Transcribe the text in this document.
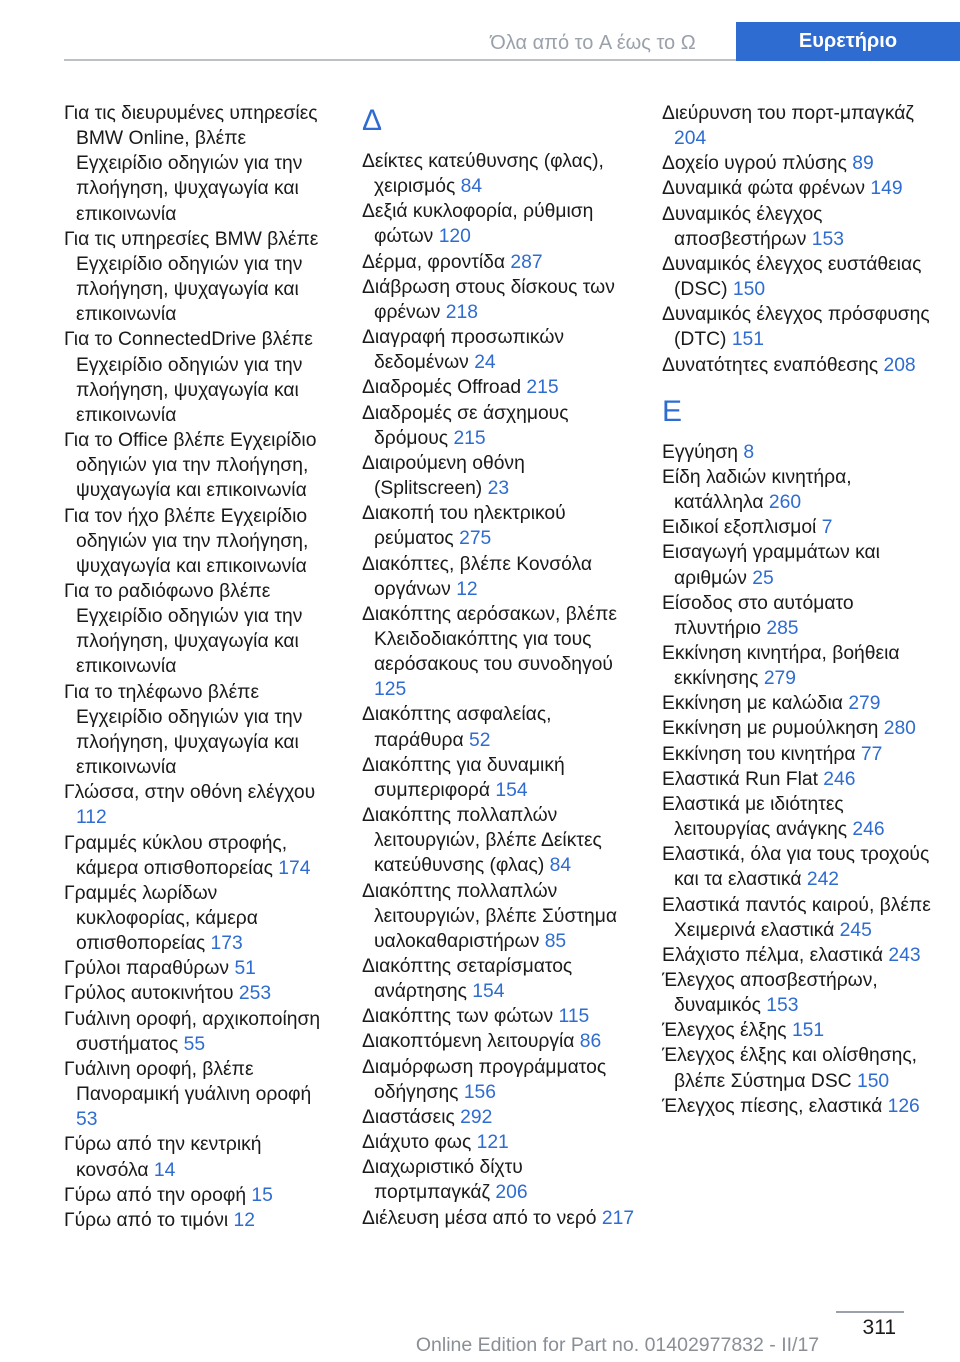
Όλα από το A έως το Ω	Ευρετήριο
Για τις διευρυμένες υπηρεσίες BMW Online, βλέπε Εγχειρίδιο οδηγιών για την πλοήγηση, ψυχαγωγία και επικοινωνία
Για τις υπηρεσίες BMW βλέπε Εγχειρίδιο οδηγιών για την πλοήγηση, ψυχαγωγία και επικοινωνία
Για το ConnectedDrive βλέπε Εγχειρίδιο οδηγιών για την πλοήγηση, ψυχαγωγία και επικοινωνία
Για το Office βλέπε Εγχειρίδιο οδηγιών για την πλοήγηση, ψυχαγωγία και επικοινωνία
Για τον ήχο βλέπε Εγχειρίδιο οδηγιών για την πλοήγηση, ψυχαγωγία και επικοινωνία
Για το ραδιόφωνο βλέπε Εγχειρίδιο οδηγιών για την πλοήγηση, ψυχαγωγία και επικοινωνία
Για το τηλέφωνο βλέπε Εγχειρίδιο οδηγιών για την πλοήγηση, ψυχαγωγία και επικοινωνία
Γλώσσα, στην οθόνη ελέγχου 112
Γραμμές κύκλου στροφής, κάμερα οπισθοπορείας 174
Γραμμές λωρίδων κυκλοφορίας, κάμερα οπισθοπορείας 173
Γρύλοι παραθύρων 51
Γρύλος αυτοκινήτου 253
Γυάλινη οροφή, αρχικοποίηση συστήματος 55
Γυάλινη οροφή, βλέπε Πανοραμική γυάλινη οροφή 53
Γύρω από την κεντρική κονσόλα 14
Γύρω από την οροφή 15
Γύρω από το τιμόνι 12
Δ
Δείκτες κατεύθυνσης (φλας), χειρισμός 84
Δεξιά κυκλοφορία, ρύθμιση φώτων 120
Δέρμα, φροντίδα 287
Διάβρωση στους δίσκους των φρένων 218
Διαγραφή προσωπικών δεδομένων 24
Διαδρομές Offroad 215
Διαδρομές σε άσχημους δρόμους 215
Διαιρούμενη οθόνη (Splitscreen) 23
Διακοπή του ηλεκτρικού ρεύματος 275
Διακόπτες, βλέπε Κονσόλα οργάνων 12
Διακόπτης αερόσακων, βλέπε Κλειδοδιακόπτης για τους αερόσακους του συνοδηγού 125
Διακόπτης ασφαλείας, παράθυρα 52
Διακόπτης για δυναμική συμπεριφορά 154
Διακόπτης πολλαπλών λειτουργιών, βλέπε Δείκτες κατεύθυνσης (φλας) 84
Διακόπτης πολλαπλών λειτουργιών, βλέπε Σύστημα υαλοκαθαριστήρων 85
Διακόπτης σεταρίσματος ανάρτησης 154
Διακόπτης των φώτων 115
Διακοπτόμενη λειτουργία 86
Διαμόρφωση προγράμματος οδήγησης 156
Διαστάσεις 292
Διάχυτο φως 121
Διαχωριστικό δίχτυ πορτμπαγκάζ 206
Διέλευση μέσα από το νερό 217
Διεύρυνση του πορτ-μπαγκάζ 204
Δοχείο υγρού πλύσης 89
Δυναμικά φώτα φρένων 149
Δυναμικός έλεγχος αποσβεστήρων 153
Δυναμικός έλεγχος ευστάθειας (DSC) 150
Δυναμικός έλεγχος πρόσφυσης (DTC) 151
Δυνατότητες εναπόθεσης 208
Ε
Εγγύηση 8
Είδη λαδιών κινητήρα, κατάλληλα 260
Ειδικοί εξοπλισμοί 7
Εισαγωγή γραμμάτων και αριθμών 25
Είσοδος στο αυτόματο πλυντήριο 285
Εκκίνηση κινητήρα, βοήθεια εκκίνησης 279
Εκκίνηση με καλώδια 279
Εκκίνηση με ρυμούλκηση 280
Εκκίνηση του κινητήρα 77
Ελαστικά Run Flat 246
Ελαστικά με ιδιότητες λειτουργίας ανάγκης 246
Ελαστικά, όλα για τους τροχούς και τα ελαστικά 242
Ελαστικά παντός καιρού, βλέπε Χειμερινά ελαστικά 245
Ελάχιστο πέλμα, ελαστικά 243
Έλεγχος αποσβεστήρων, δυναμικός 153
Έλεγχος έλξης 151
Έλεγχος έλξης και ολίσθησης, βλέπε Σύστημα DSC 150
Έλεγχος πίεσης, ελαστικά 126
311
Online Edition for Part no. 01402977832 - II/17
